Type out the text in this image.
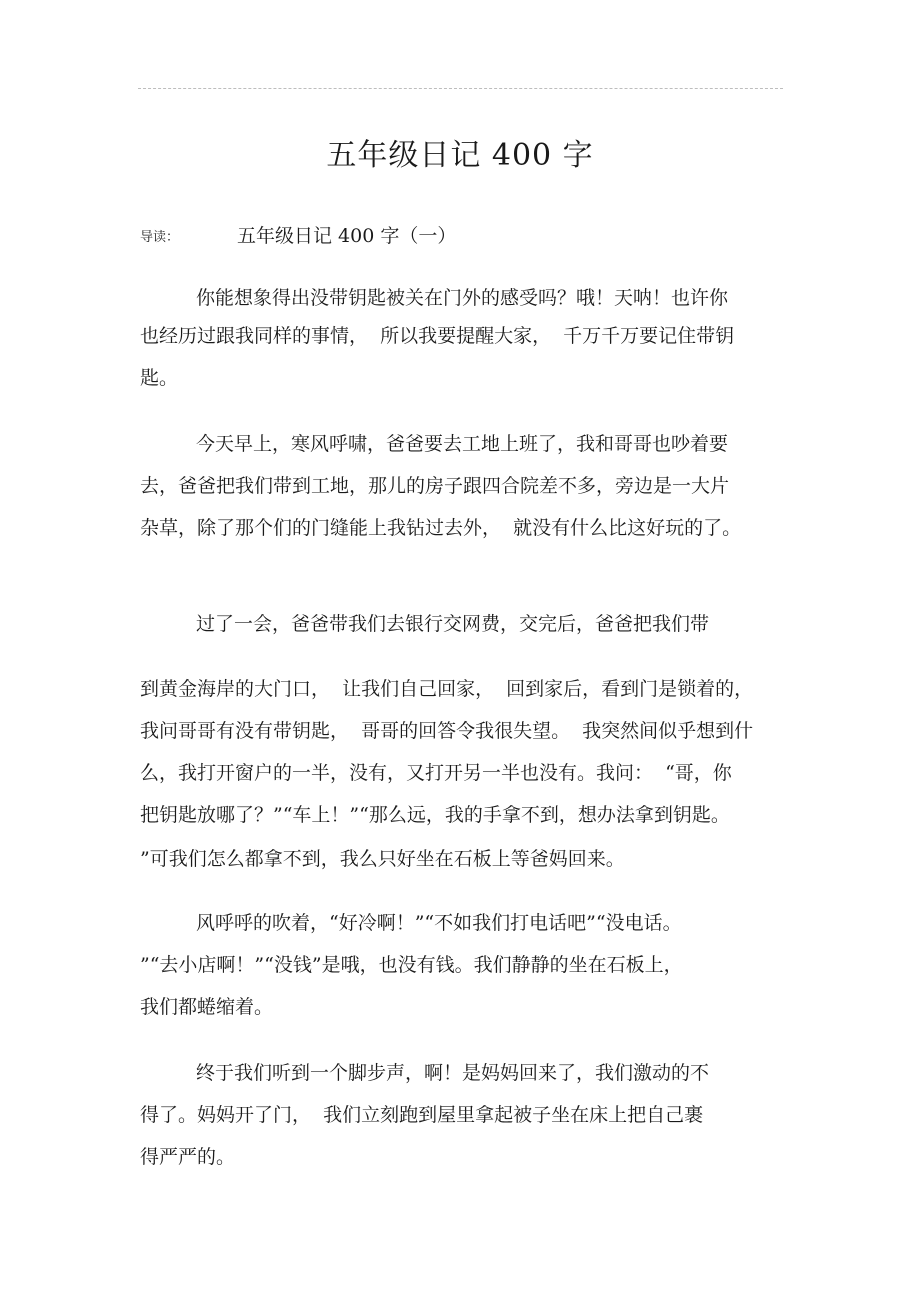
五年级日记 400 字
导读：	五年级日记 400 字（一）
你能想象得出没带钥匙被关在门外的感受吗？哦！天呐！也许你
也经历过跟我同样的事情，  所以我要提醒大家，  千万千万要记住带钥
匙。
今天早上，寒风呼啸，爸爸要去工地上班了，我和哥哥也吵着要
去，爸爸把我们带到工地，那儿的房子跟四合院差不多，旁边是一大片
杂草，除了那个们的门缝能上我钻过去外，  就没有什么比这好玩的了。
过了一会，爸爸带我们去银行交网费，交完后，爸爸把我们带
到黄金海岸的大门口，  让我们自己回家，  回到家后，看到门是锁着的，
我问哥哥有没有带钥匙，  哥哥的回答令我很失望。  我突然间似乎想到什
么，我打开窗户的一半，没有，又打开另一半也没有。我问：  “哥，你
把钥匙放哪了？”“车上！”“那么远，我的手拿不到，想办法拿到钥匙。
”可我们怎么都拿不到，我么只好坐在石板上等爸妈回来。
风呼呼的吹着，“好冷啊！”“不如我们打电话吧”“没电话。
”“去小店啊！”“没钱”是哦，也没有钱。我们静静的坐在石板上，
我们都蜷缩着。
终于我们听到一个脚步声，啊！是妈妈回来了，我们激动的不
得了。妈妈开了门，  我们立刻跑到屋里拿起被子坐在床上把自己裹
得严严的。
